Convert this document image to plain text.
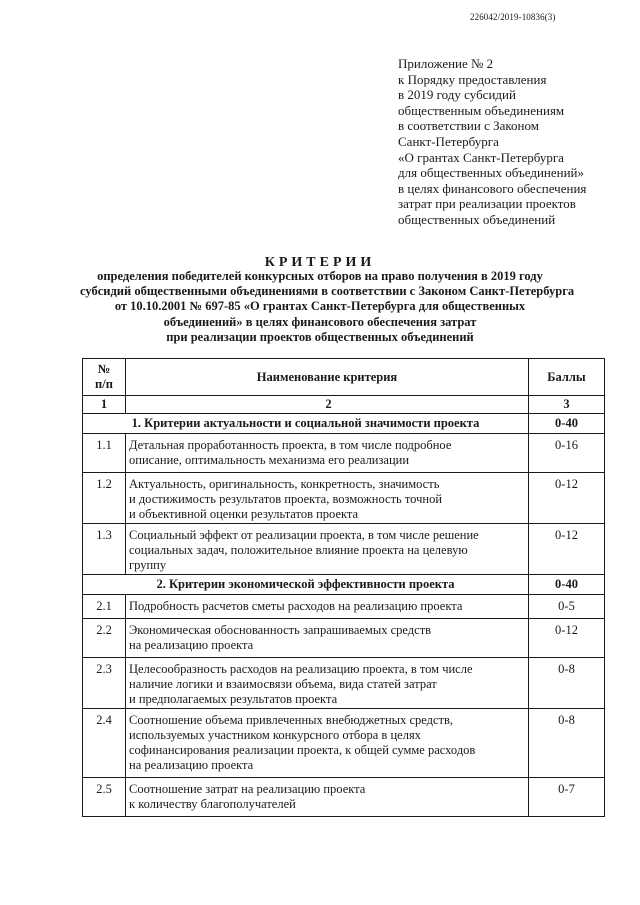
226042/2019-10836(3)
Приложение № 2
к Порядку предоставления
в 2019 году субсидий
общественным объединениям
в соответствии с Законом
Санкт-Петербурга
«О грантах Санкт-Петербурга
для общественных объединений»
в целях финансового обеспечения
затрат при реализации проектов
общественных объединений
КРИТЕРИИ
определения победителей конкурсных отборов на право получения в 2019 году
субсидий общественными объединениями в соответствии с Законом Санкт-Петербурга
от 10.10.2001 № 697-85 «О грантах Санкт-Петербурга для общественных
объединений» в целях финансового обеспечения затрат
при реализации проектов общественных объединений
№
п/п	Наименование критерия	Баллы
1	2	3
1. Критерии актуальности и социальной значимости проекта		0-40
1.1	Детальная проработанность проекта, в том числе подробное
описание, оптимальность механизма его реализации	0-16
1.2	Актуальность, оригинальность, конкретность, значимость
и достижимость результатов проекта, возможность точной
и объективной оценки результатов проекта	0-12
1.3	Социальный эффект от реализации проекта, в том числе решение
социальных задач, положительное влияние проекта на целевую
группу	0-12
2. Критерии экономической эффективности проекта		0-40
2.1	Подробность расчетов сметы расходов на реализацию проекта	0-5
2.2	Экономическая обоснованность запрашиваемых средств
на реализацию проекта	0-12
2.3	Целесообразность расходов на реализацию проекта, в том числе
наличие логики и взаимосвязи объема, вида статей затрат
и предполагаемых результатов проекта	0-8
2.4	Соотношение объема привлеченных внебюджетных средств,
используемых участником конкурсного отбора в целях
софинансирования реализации проекта, к общей сумме расходов
на реализацию проекта	0-8
2.5	Соотношение затрат на реализацию проекта
к количеству благополучателей	0-7
